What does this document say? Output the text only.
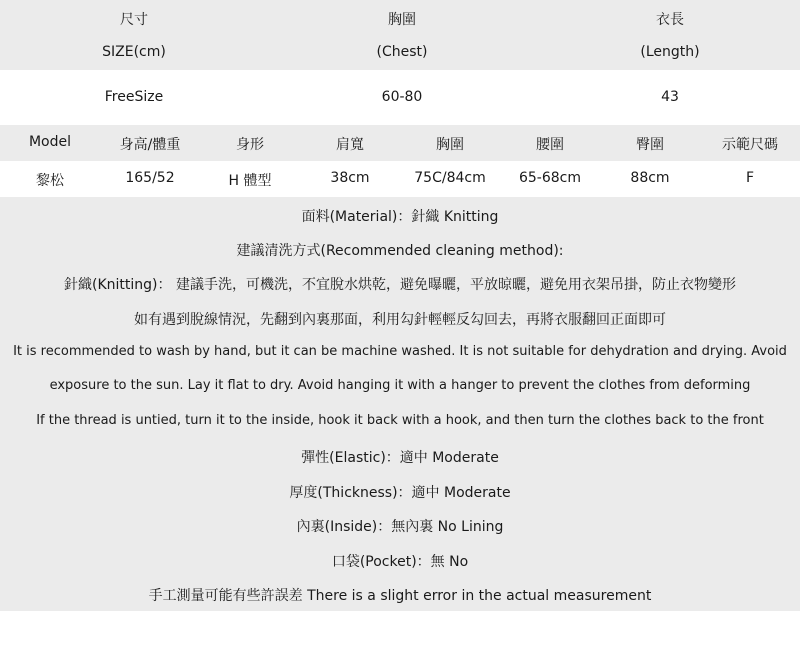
尺寸	胸圍	衣長
SIZE(cm)	(Chest)	(Length)
FreeSize	60-80	43
Model	身高/體重	身形	肩寬	胸圍	腰圍	臀圍	示範尺碼
黎松	165/52	H 體型	38cm	75C/84cm	65-68cm	88cm	F
面料(Material)：針織 Knitting
建議清洗方式(Recommended cleaning method):
針織(Knitting)： 建議手洗，可機洗，不宜脫水烘乾，避免曝曬，平放晾曬，避免用衣架吊掛，防止衣物變形
如有遇到脫線情況，先翻到內裏那面，利用勾針輕輕反勾回去，再將衣服翻回正面即可
It is recommended to wash by hand, but it can be machine washed. It is not suitable for dehydration and drying. Avoid
exposure to the sun. Lay it flat to dry. Avoid hanging it with a hanger to prevent the clothes from deforming
If the thread is untied, turn it to the inside, hook it back with a hook, and then turn the clothes back to the front
彈性(Elastic)：適中 Moderate
厚度(Thickness)：適中 Moderate
內裏(Inside)：無內裏 No Lining
口袋(Pocket)：無 No
手工測量可能有些許誤差 There is a slight error in the actual measurement
